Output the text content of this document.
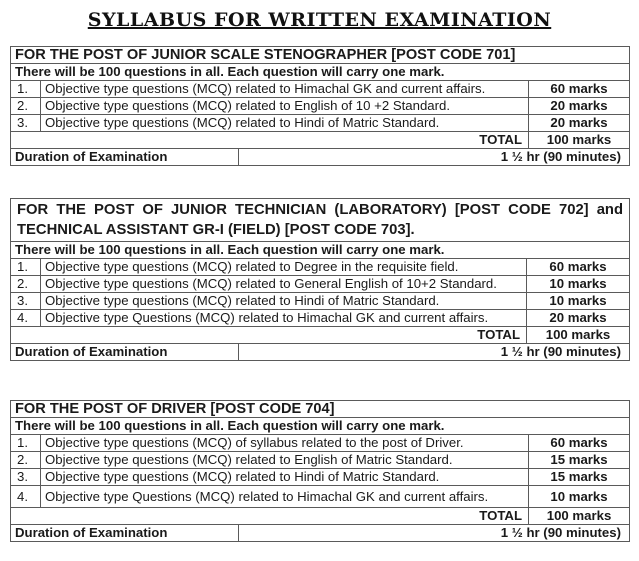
SYLLABUS FOR WRITTEN EXAMINATION
FOR THE POST OF JUNIOR SCALE STENOGRAPHER [POST CODE 701]		
There will be 100 questions in all. Each question will carry one mark.		
1.	Objective type questions (MCQ) related to Himachal GK and current affairs.	60 marks
2.	Objective type questions (MCQ) related to English of 10 +2 Standard.	20 marks
3.	Objective type questions (MCQ) related to Hindi of Matric Standard.	20 marks
TOTAL		100 marks
Duration of Examination	1 ½ hr (90 minutes)
FOR THE POST OF JUNIOR TECHNICIAN (LABORATORY) [POST CODE 702] and TECHNICAL ASSISTANT GR-I (FIELD) [POST CODE 703].		
There will be 100 questions in all. Each question will carry one mark.		
1.	Objective type questions (MCQ) related to Degree in the requisite field.	60 marks
2.	Objective type questions (MCQ) related to General English of 10+2 Standard.	10 marks
3.	Objective type questions (MCQ) related to Hindi of Matric Standard.	10 marks
4.	Objective type Questions (MCQ) related to Himachal GK and current affairs.	20 marks
TOTAL		100 marks
Duration of Examination	1 ½ hr (90 minutes)
FOR THE POST OF DRIVER [POST CODE 704]		
There will be 100 questions in all. Each question will carry one mark.		
1.	Objective type questions (MCQ) of syllabus related to the post of Driver.	60 marks
2.	Objective type questions (MCQ) related to English of Matric Standard.	15 marks
3.	Objective type questions (MCQ) related to Hindi of Matric Standard.	15 marks
4.	Objective type Questions (MCQ) related to Himachal GK and current affairs.	10 marks
TOTAL		100 marks
Duration of Examination	1 ½ hr (90 minutes)
